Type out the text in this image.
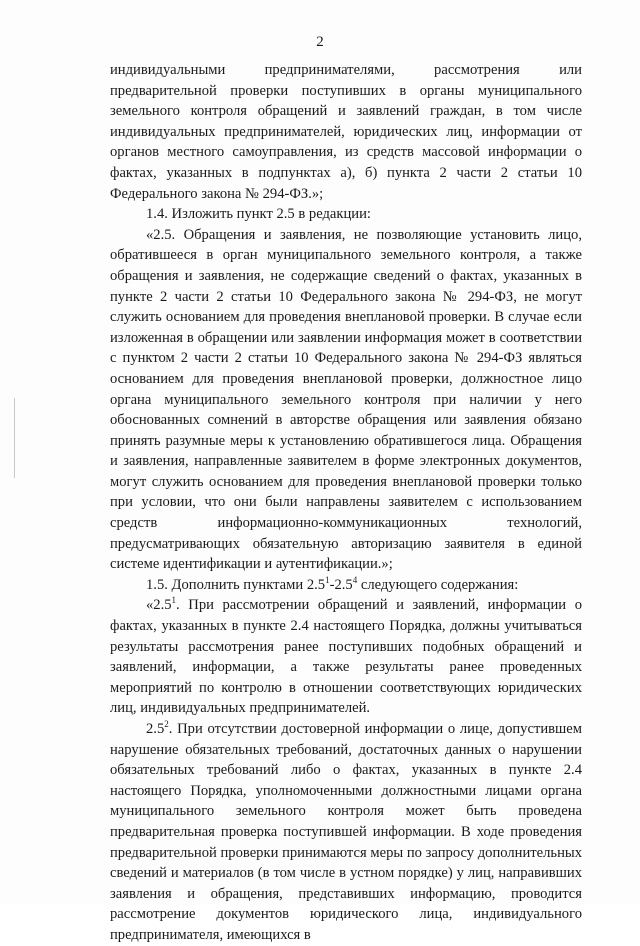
2

индивидуальными предпринимателями, рассмотрения или предварительной проверки поступивших в органы муниципального земельного контроля обращений и заявлений граждан, в том числе индивидуальных предпринимателей, юридических лиц, информации от органов местного самоуправления, из средств массовой информации о фактах, указанных в подпунктах а), б) пункта 2 части 2 статьи 10 Федерального закона № 294-ФЗ.»;

1.4. Изложить пункт 2.5 в редакции:

«2.5. Обращения и заявления, не позволяющие установить лицо, обратившееся в орган муниципального земельного контроля, а также обращения и заявления, не содержащие сведений о фактах, указанных в пункте 2 части 2 статьи 10 Федерального закона № 294-ФЗ, не могут служить основанием для проведения внеплановой проверки. В случае если изложенная в обращении или заявлении информация может в соответствии с пунктом 2 части 2 статьи 10 Федерального закона № 294-ФЗ являться основанием для проведения внеплановой проверки, должностное лицо органа муниципального земельного контроля при наличии у него обоснованных сомнений в авторстве обращения или заявления обязано принять разумные меры к установлению обратившегося лица. Обращения и заявления, направленные заявителем в форме электронных документов, могут служить основанием для проведения внеплановой проверки только при условии, что они были направлены заявителем с использованием средств информационно-коммуникационных технологий, предусматривающих обязательную авторизацию заявителя в единой системе идентификации и аутентификации.»;

1.5. Дополнить пунктами $2.5^1-2.5^4$ следующего содержания:

«$2.5^1$. При рассмотрении обращений и заявлений, информации о фактах, указанных в пункте 2.4 настоящего Порядка, должны учитываться результаты рассмотрения ранее поступивших подобных обращений и заявлений, информации, а также результаты ранее проведенных мероприятий по контролю в отношении соответствующих юридических лиц, индивидуальных предпринимателей.

$2.5^2$. При отсутствии достоверной информации о лице, допустившем нарушение обязательных требований, достаточных данных о нарушении обязательных требований либо о фактах, указанных в пункте 2.4 настоящего Порядка, уполномоченными должностными лицами органа муниципального земельного контроля может быть проведена предварительная проверка поступившей информации. В ходе проведения предварительной проверки принимаются меры по запросу дополнительных сведений и материалов (в том числе в устном порядке) у лиц, направивших заявления и обращения, представивших информацию, проводится рассмотрение документов юридического лица, индивидуального предпринимателя, имеющихся в
